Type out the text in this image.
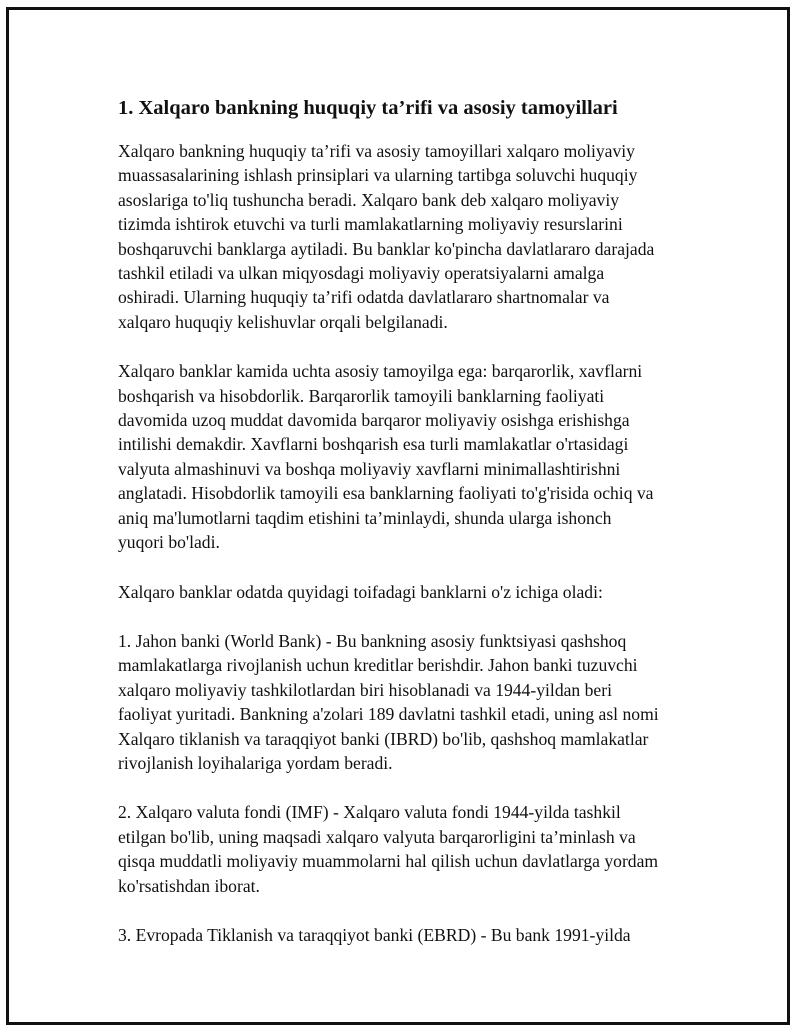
1. Xalqaro bankning huquqiy ta’rifi va asosiy tamoyillari

Xalqaro bankning huquqiy ta’rifi va asosiy tamoyillari xalqaro moliyaviy
muassasalarining ishlash prinsiplari va ularning tartibga soluvchi huquqiy
asoslariga to'liq tushuncha beradi. Xalqaro bank deb xalqaro moliyaviy
tizimda ishtirok etuvchi va turli mamlakatlarning moliyaviy resurslarini
boshqaruvchi banklarga aytiladi. Bu banklar ko'pincha davlatlararo darajada
tashkil etiladi va ulkan miqyosdagi moliyaviy operatsiyalarni amalga
oshiradi. Ularning huquqiy ta’rifi odatda davlatlararo shartnomalar va
xalqaro huquqiy kelishuvlar orqali belgilanadi.

Xalqaro banklar kamida uchta asosiy tamoyilga ega: barqarorlik, xavflarni
boshqarish va hisobdorlik. Barqarorlik tamoyili banklarning faoliyati
davomida uzoq muddat davomida barqaror moliyaviy osishga erishishga
intilishi demakdir. Xavflarni boshqarish esa turli mamlakatlar o'rtasidagi
valyuta almashinuvi va boshqa moliyaviy xavflarni minimallashtirishni
anglatadi. Hisobdorlik tamoyili esa banklarning faoliyati to'g'risida ochiq va
aniq ma'lumotlarni taqdim etishini ta’minlaydi, shunda ularga ishonch
yuqori bo'ladi.

Xalqaro banklar odatda quyidagi toifadagi banklarni o'z ichiga oladi:

1. Jahon banki (World Bank) - Bu bankning asosiy funktsiyasi qashshoq
mamlakatlarga rivojlanish uchun kreditlar berishdir. Jahon banki tuzuvchi
xalqaro moliyaviy tashkilotlardan biri hisoblanadi va 1944-yildan beri
faoliyat yuritadi. Bankning a'zolari 189 davlatni tashkil etadi, uning asl nomi
Xalqaro tiklanish va taraqqiyot banki (IBRD) bo'lib, qashshoq mamlakatlar
rivojlanish loyihalariga yordam beradi.

2. Xalqaro valuta fondi (IMF) - Xalqaro valuta fondi 1944-yilda tashkil
etilgan bo'lib, uning maqsadi xalqaro valyuta barqarorligini ta’minlash va
qisqa muddatli moliyaviy muammolarni hal qilish uchun davlatlarga yordam
ko'rsatishdan iborat.

3. Evropada Tiklanish va taraqqiyot banki (EBRD) - Bu bank 1991-yilda
